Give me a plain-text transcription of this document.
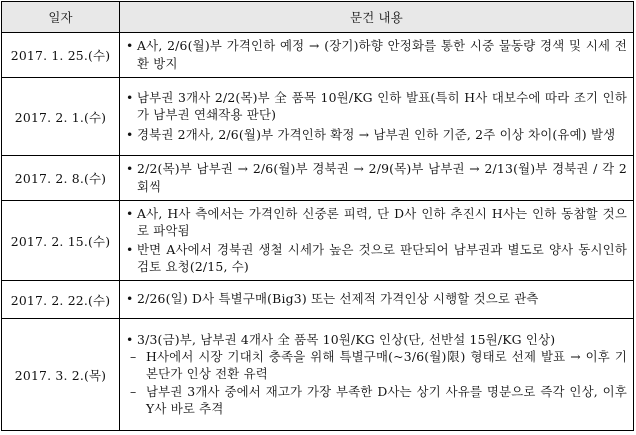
일자	문건 내용
2017. 1. 25.(수)	• A사, 2/6(월)부 가격인하 예정 → (장기)하향 안정화를 통한 시중 물동량 경색 및 시세 전환 방지

2017. 2. 1.(수)	• 남부권 3개사 2/2(목)부 全 품목 10원/KG 인하 발표(특히 H사 대보수에 따라 조기 인하가 남부권 연쇄작용 판단)
• 경북권 2개사, 2/6(월)부 가격인하 확정 → 남부권 인하 기준, 2주 이상 차이(유예) 발생

2017. 2. 8.(수)	• 2/2(목)부 남부권 → 2/6(월)부 경북권 → 2/9(목)부 남부권 → 2/13(월)부 경북권 / 각 2회씩

2017. 2. 15.(수)	• A사, H사 측에서는 가격인하 신중론 피력, 단 D사 인하 추진시 H사는 인하 동참할 것으로 파악됨
• 반면 A사에서 경북권 생철 시세가 높은 것으로 판단되어 남부권과 별도로 양사 동시인하 검토 요청(2/15, 수)

2017. 2. 22.(수)	• 2/26(일) D사 특별구매(Big3) 또는 선제적 가격인상 시행할 것으로 관측

2017. 3. 2.(목)	• 3/3(금)부, 남부권 4개사 全 품목 10원/KG 인상(단, 선반설 15원/KG 인상)
– H사에서 시장 기대치 충족을 위해 특별구매(~3/6(월)限) 형태로 선제 발표 → 이후 기본단가 인상 전환 유력
– 남부권 3개사 중에서 재고가 가장 부족한 D사는 상기 사유를 명분으로 즉각 인상, 이후 Y사 바로 추격
